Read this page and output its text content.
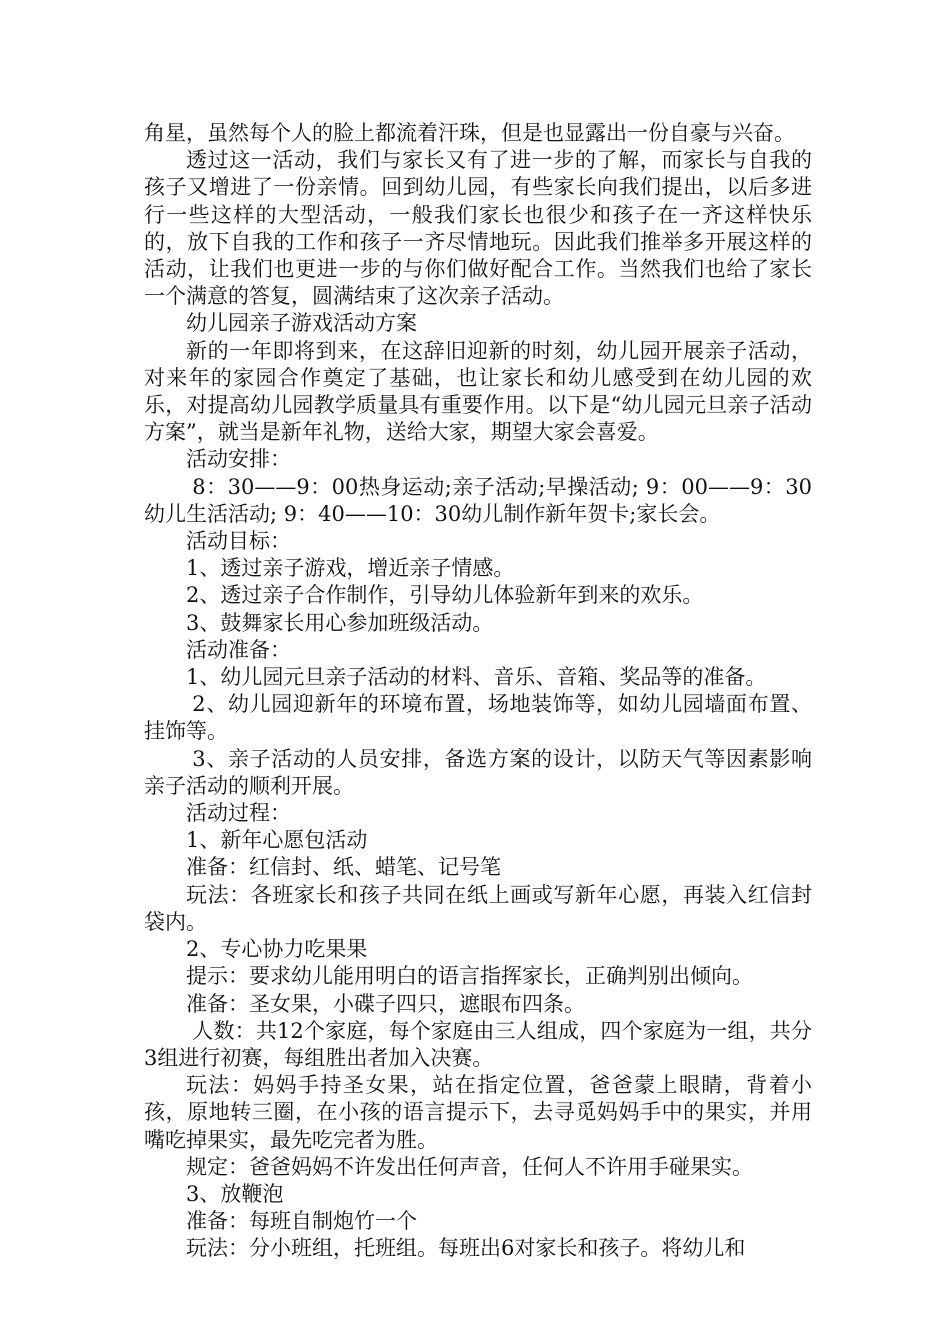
角星，虽然每个人的脸上都流着汗珠，但是也显露出一份自豪与兴奋。

透过这一活动，我们与家长又有了进一步的了解，而家长与自我的孩子又增进了一份亲情。回到幼儿园，有些家长向我们提出，以后多进行一些这样的大型活动，一般我们家长也很少和孩子在一齐这样快乐的，放下自我的工作和孩子一齐尽情地玩。因此我们推举多开展这样的活动，让我们也更进一步的与你们做好配合工作。当然我们也给了家长一个满意的答复，圆满结束了这次亲子活动。

幼儿园亲子游戏活动方案

新的一年即将到来，在这辞旧迎新的时刻，幼儿园开展亲子活动，对来年的家园合作奠定了基础，也让家长和幼儿感受到在幼儿园的欢乐，对提高幼儿园教学质量具有重要作用。以下是“幼儿园元旦亲子活动方案”，就当是新年礼物，送给大家，期望大家会喜爱。

活动安排：

8：30——9：00热身运动;亲子活动;早操活动; 9：00——9：30幼儿生活活动; 9：40——10：30幼儿制作新年贺卡;家长会。

活动目标：

1、透过亲子游戏，增近亲子情感。

2、透过亲子合作制作，引导幼儿体验新年到来的欢乐。

3、鼓舞家长用心参加班级活动。

活动准备：

1、幼儿园元旦亲子活动的材料、音乐、音箱、奖品等的准备。

2、幼儿园迎新年的环境布置，场地装饰等，如幼儿园墙面布置、挂饰等。

3、亲子活动的人员安排，备选方案的设计，以防天气等因素影响亲子活动的顺利开展。

活动过程：

1、新年心愿包活动

准备：红信封、纸、蜡笔、记号笔

玩法：各班家长和孩子共同在纸上画或写新年心愿，再装入红信封袋内。

2、专心协力吃果果

提示：要求幼儿能用明白的语言指挥家长，正确判别出倾向。

准备：圣女果，小碟子四只，遮眼布四条。

人数：共12个家庭，每个家庭由三人组成，四个家庭为一组，共分3组进行初赛，每组胜出者加入决赛。

玩法：妈妈手持圣女果，站在指定位置，爸爸蒙上眼睛，背着小孩，原地转三圈，在小孩的语言提示下，去寻觅妈妈手中的果实，并用嘴吃掉果实，最先吃完者为胜。

规定：爸爸妈妈不许发出任何声音，任何人不许用手碰果实。

3、放鞭泡

准备：每班自制炮竹一个

玩法：分小班组，托班组。每班出6对家长和孩子。将幼儿和
